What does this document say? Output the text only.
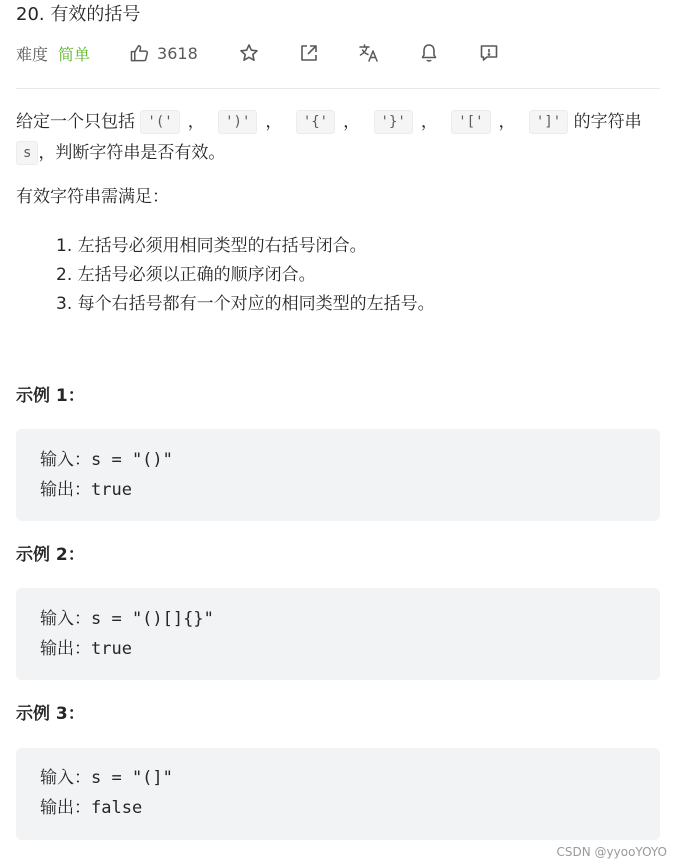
20. 有效的括号
难度 简单	3618
给定一个只包括 '(' ， ')' ， '{' ， '}' ， '[' ， ']' 的字符串 s ，判断字符串是否有效。
有效字符串需满足：
1. 左括号必须用相同类型的右括号闭合。
2. 左括号必须以正确的顺序闭合。
3. 每个右括号都有一个对应的相同类型的左括号。
示例 1：
输入：s = "()"
输出：true
示例 2：
输入：s = "()[]{}"
输出：true
示例 3：
输入：s = "(]"
输出：false
CSDN @yyooYOYO
